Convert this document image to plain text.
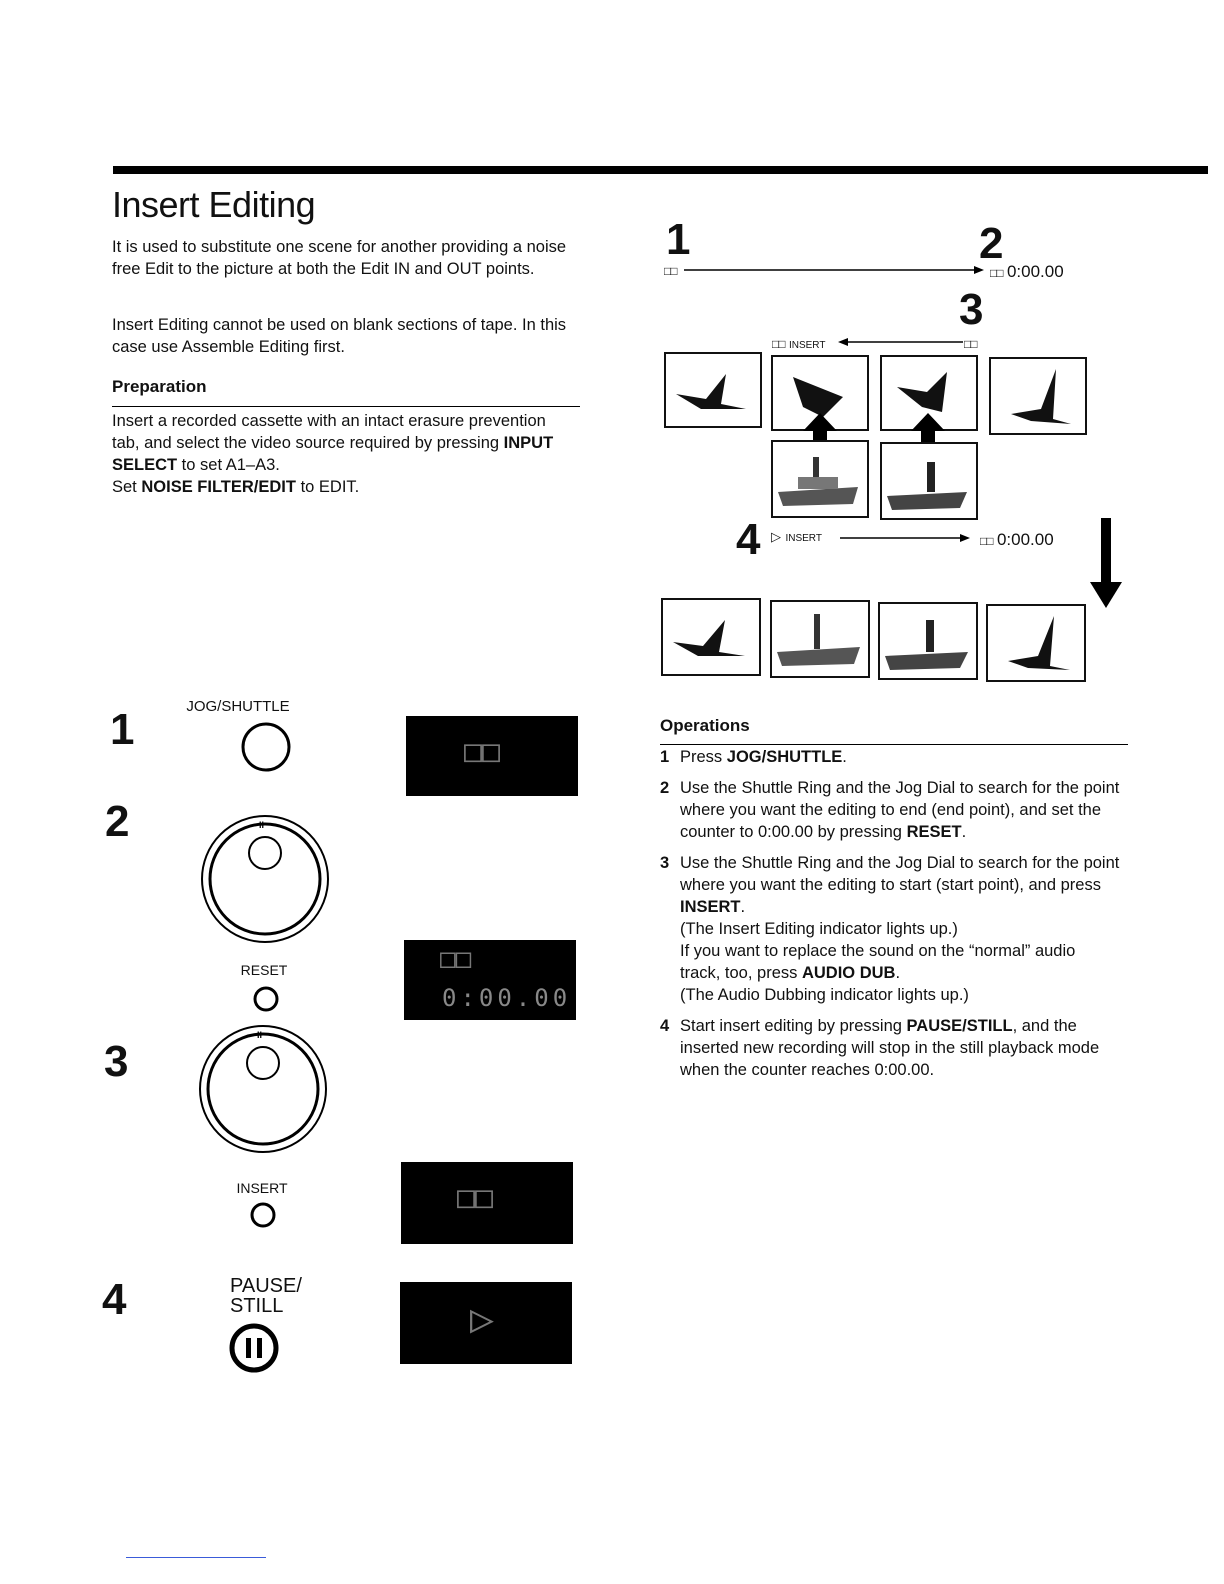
Insert Editing

It is used to substitute one scene for another providing a noise free Edit to the picture at both the Edit IN and OUT points.

Insert Editing cannot be used on blank sections of tape. In this case use Assemble Editing first.

Preparation

Insert a recorded cassette with an intact erasure prevention tab, and select the video source required by pressing INPUT SELECT to set A1–A3.
Set NOISE FILTER/EDIT to EDIT.

1	2
□□	□□ 0:00.00
3
□□ INSERT	□□
4 ▷ INSERT	□□ 0:00.00
1	JOG/SHUTTLE
□□
2	II
RESET	□□
0:00.00
3
II
INSERT	□□
4	PAUSE/
STILL	▷
Operations
1 Press JOG/SHUTTLE.
2 Use the Shuttle Ring and the Jog Dial to search for the point where you want the editing to end (end point), and set the counter to 0:00.00 by pressing RESET.
3 Use the Shuttle Ring and the Jog Dial to search for the point where you want the editing to start (start point), and press INSERT.
(The Insert Editing indicator lights up.)
If you want to replace the sound on the “normal” audio track, too, press AUDIO DUB.
(The Audio Dubbing indicator lights up.)
4 Start insert editing by pressing PAUSE/STILL, and the inserted new recording will stop in the still playback mode when the counter reaches 0:00.00.
